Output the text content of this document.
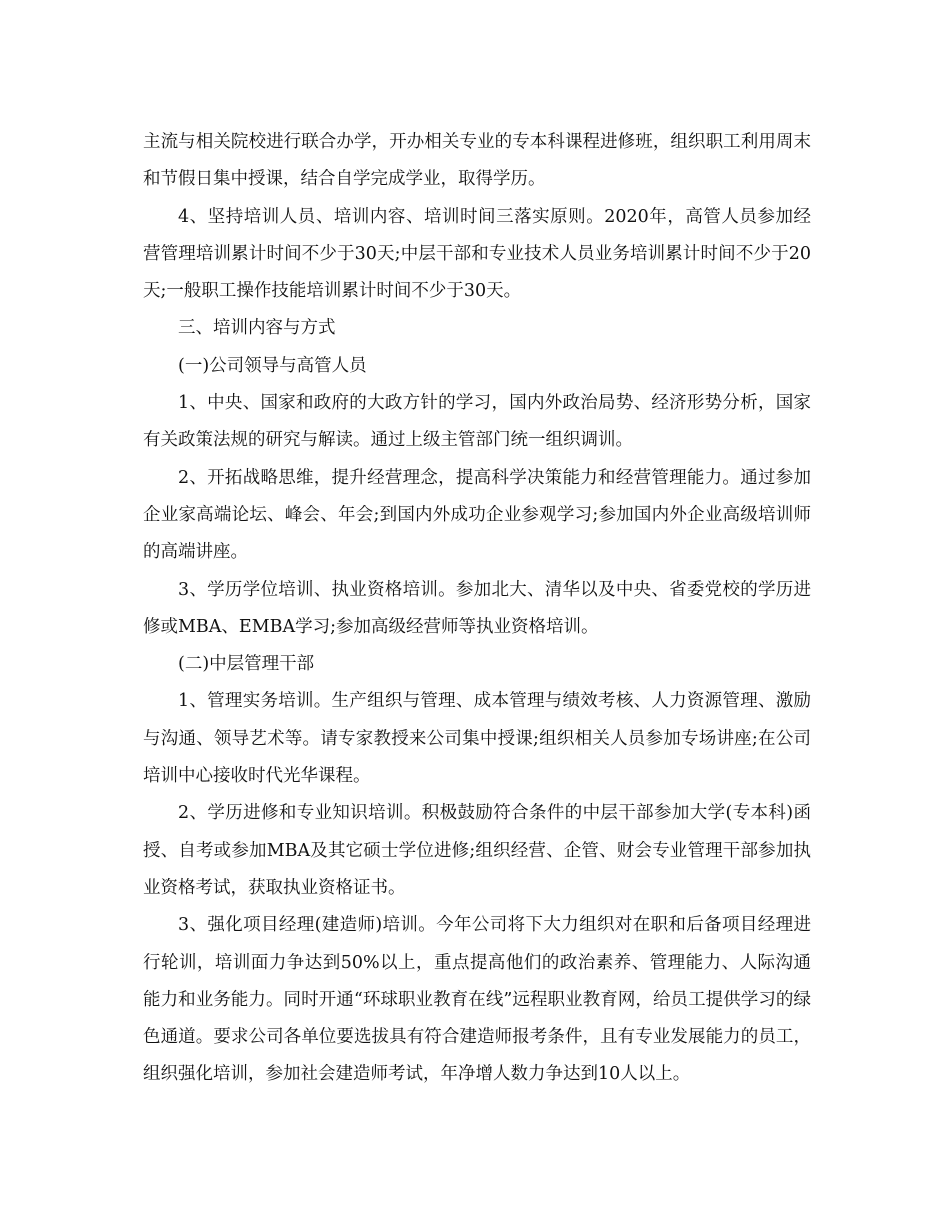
主流与相关院校进行联合办学，开办相关专业的专本科课程进修班，组织职工利用周末和节假日集中授课，结合自学完成学业，取得学历。

4、坚持培训人员、培训内容、培训时间三落实原则。2020年，高管人员参加经营管理培训累计时间不少于30天;中层干部和专业技术人员业务培训累计时间不少于20天;一般职工操作技能培训累计时间不少于30天。

三、培训内容与方式

(一)公司领导与高管人员

1、中央、国家和政府的大政方针的学习，国内外政治局势、经济形势分析，国家有关政策法规的研究与解读。通过上级主管部门统一组织调训。

2、开拓战略思维，提升经营理念，提高科学决策能力和经营管理能力。通过参加企业家高端论坛、峰会、年会;到国内外成功企业参观学习;参加国内外企业高级培训师的高端讲座。

3、学历学位培训、执业资格培训。参加北大、清华以及中央、省委党校的学历进修或MBA、EMBA学习;参加高级经营师等执业资格培训。

(二)中层管理干部

1、管理实务培训。生产组织与管理、成本管理与绩效考核、人力资源管理、激励与沟通、领导艺术等。请专家教授来公司集中授课;组织相关人员参加专场讲座;在公司培训中心接收时代光华课程。

2、学历进修和专业知识培训。积极鼓励符合条件的中层干部参加大学(专本科)函授、自考或参加MBA及其它硕士学位进修;组织经营、企管、财会专业管理干部参加执业资格考试，获取执业资格证书。

3、强化项目经理(建造师)培训。今年公司将下大力组织对在职和后备项目经理进行轮训，培训面力争达到50%以上，重点提高他们的政治素养、管理能力、人际沟通能力和业务能力。同时开通“环球职业教育在线”远程职业教育网，给员工提供学习的绿色通道。要求公司各单位要选拔具有符合建造师报考条件，且有专业发展能力的员工，组织强化培训，参加社会建造师考试，年净增人数力争达到10人以上。
